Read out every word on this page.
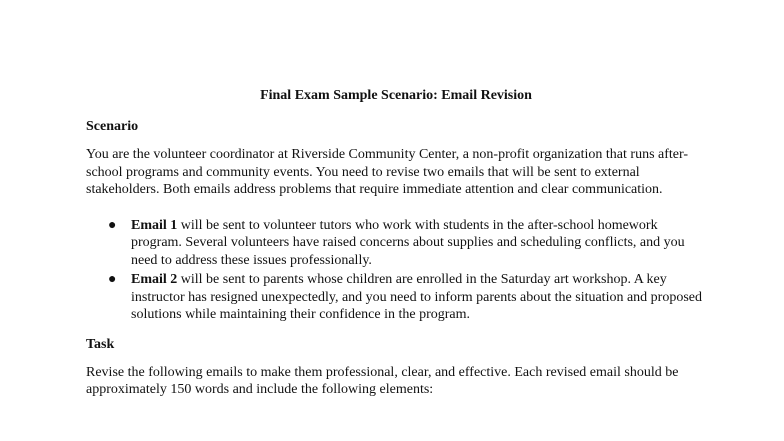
Final Exam Sample Scenario: Email Revision
Scenario
You are the volunteer coordinator at Riverside Community Center, a non-profit organization that runs after-school programs and community events. You need to revise two emails that will be sent to external stakeholders. Both emails address problems that require immediate attention and clear communication.
● Email 1 will be sent to volunteer tutors who work with students in the after-school homework program. Several volunteers have raised concerns about supplies and scheduling conflicts, and you need to address these issues professionally.
● Email 2 will be sent to parents whose children are enrolled in the Saturday art workshop. A key instructor has resigned unexpectedly, and you need to inform parents about the situation and proposed solutions while maintaining their confidence in the program.
Task
Revise the following emails to make them professional, clear, and effective. Each revised email should be approximately 150 words and include the following elements:
